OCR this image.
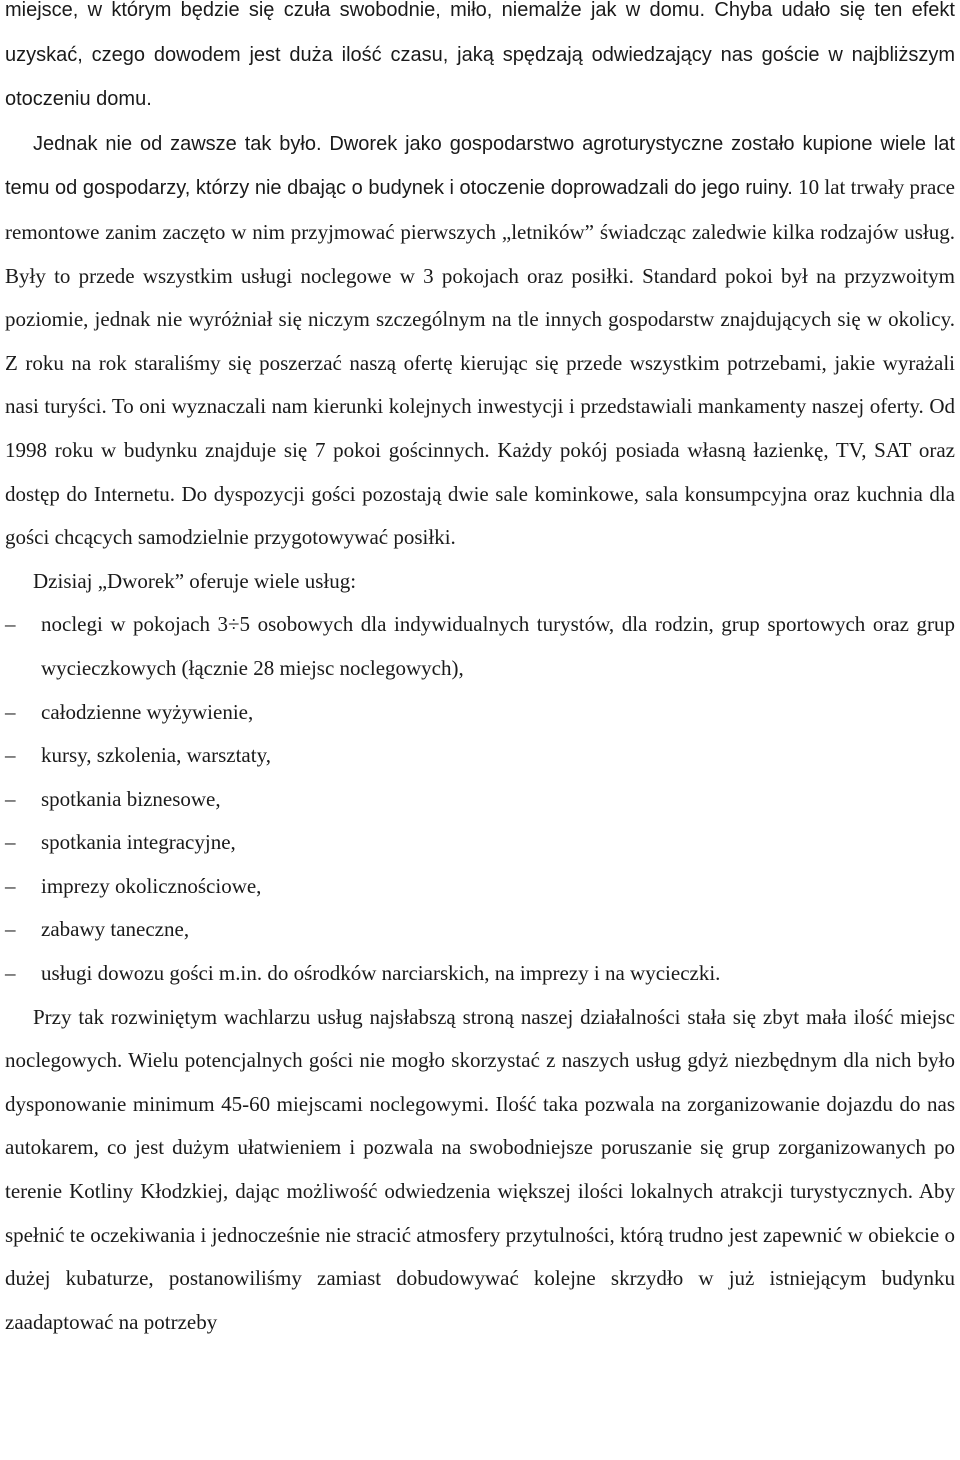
miejsce, w którym będzie się czuła swobodnie, miło, niemalże jak w domu. Chyba udało się ten efekt uzyskać, czego dowodem jest duża ilość czasu, jaką spędzają odwiedzający nas goście w najbliższym otoczeniu domu.

Jednak nie od zawsze tak było. Dworek jako gospodarstwo agroturystyczne zostało kupione wiele lat temu od gospodarzy, którzy nie dbając o budynek i otoczenie doprowadzali do jego ruiny. 10 lat trwały prace remontowe zanim zaczęto w nim przyjmować pierwszych „letników” świadcząc zaledwie kilka rodzajów usług. Były to przede wszystkim usługi noclegowe w 3 pokojach oraz posiłki. Standard pokoi był na przyzwoitym poziomie, jednak nie wyróżniał się niczym szczególnym na tle innych gospodarstw znajdujących się w okolicy. Z roku na rok staraliśmy się poszerzać naszą ofertę kierując się przede wszystkim potrzebami, jakie wyrażali nasi turyści. To oni wyznaczali nam kierunki kolejnych inwestycji i przedstawiali mankamenty naszej oferty. Od 1998 roku w budynku znajduje się 7 pokoi gościnnych. Każdy pokój posiada własną łazienkę, TV, SAT oraz dostęp do Internetu. Do dyspozycji gości pozostają dwie sale kominkowe, sala konsumpcyjna oraz kuchnia dla gości chcących samodzielnie przygotowywać posiłki.

Dzisiaj „Dworek” oferuje wiele usług:

– noclegi w pokojach 3÷5 osobowych dla indywidualnych turystów, dla rodzin, grup sportowych oraz grup wycieczkowych (łącznie 28 miejsc noclegowych),
– całodzienne wyżywienie,
– kursy, szkolenia, warsztaty,
– spotkania biznesowe,
– spotkania integracyjne,
– imprezy okolicznościowe,
– zabawy taneczne,
– usługi dowozu gości m.in. do ośrodków narciarskich, na imprezy i na wycieczki.

Przy tak rozwiniętym wachlarzu usług najsłabszą stroną naszej działalności stała się zbyt mała ilość miejsc noclegowych. Wielu potencjalnych gości nie mogło skorzystać z naszych usług gdyż niezbędnym dla nich było dysponowanie minimum 45-60 miejscami noclegowymi. Ilość taka pozwala na zorganizowanie dojazdu do nas autokarem, co jest dużym ułatwieniem i pozwala na swobodniejsze poruszanie się grup zorganizowanych po terenie Kotliny Kłodzkiej, dając możliwość odwiedzenia większej ilości lokalnych atrakcji turystycznych. Aby spełnić te oczekiwania i jednocześnie nie stracić atmosfery przytulności, którą trudno jest zapewnić w obiekcie o dużej kubaturze, postanowiliśmy zamiast dobudowywać kolejne skrzydło w już istniejącym budynku zaadaptować na potrzeby
